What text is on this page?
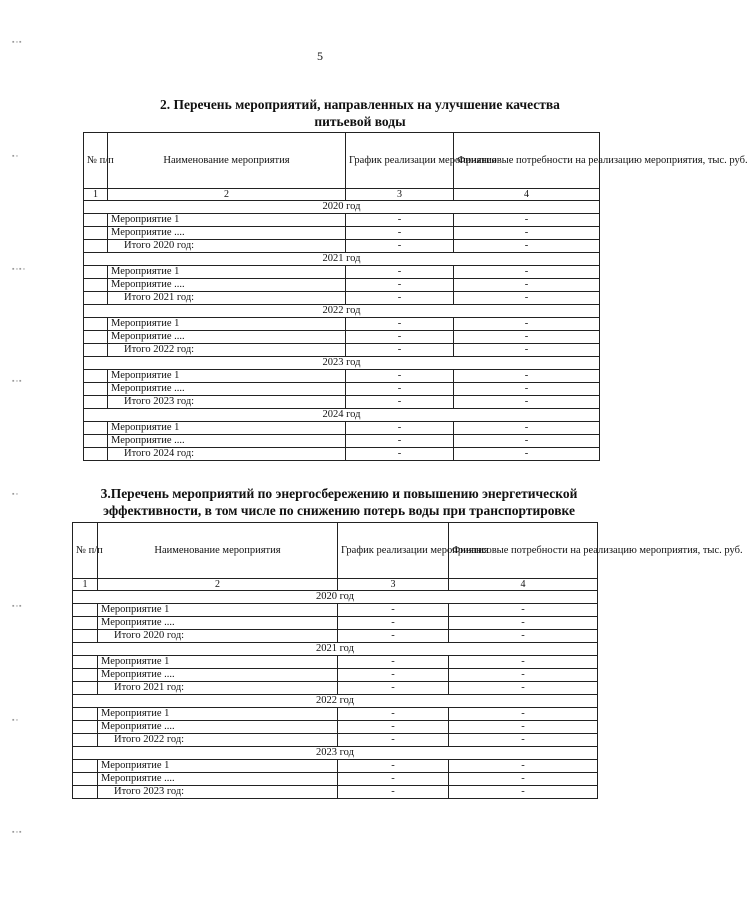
5
2. Перечень мероприятий, направленных на улучшение качества питьевой воды
№ п/п	Наименование мероприятия	График реализации мероприятия	Финансовые потребности на реализацию мероприятия, тыс. руб.
1	2	3	4
2020 год			
	Мероприятие 1	-	-
	Мероприятие ....	-	-
	Итого 2020 год:	-	-
2021 год			
	Мероприятие 1	-	-
	Мероприятие ....	-	-
	Итого 2021 год:	-	-
2022 год			
	Мероприятие 1	-	-
	Мероприятие ....	-	-
	Итого 2022 год:	-	-
2023 год			
	Мероприятие 1	-	-
	Мероприятие ....	-	-
	Итого 2023 год:	-	-
2024 год			
	Мероприятие 1	-	-
	Мероприятие ....	-	-
	Итого 2024 год:	-	-
3.Перечень мероприятий по энергосбережению и повышению энергетической эффективности, в том числе по снижению потерь воды при транспортировке
№ п/п	Наименование мероприятия	График реализации мероприятия	Финансовые потребности на реализацию мероприятия, тыс. руб.
1	2	3	4
2020 год			
	Мероприятие 1	-	-
	Мероприятие ....	-	-
	Итого 2020 год:	-	-
2021 год			
	Мероприятие 1	-	-
	Мероприятие ....	-	-
	Итого 2021 год:	-	-
2022 год			
	Мероприятие 1	-	-
	Мероприятие ....	-	-
	Итого 2022 год:	-	-
2023 год			
	Мероприятие 1	-	-
	Мероприятие ....	-	-
	Итого 2023 год:	-	-
▪▫▪
▪▫
▪▫▪▫
▪▫▪
▪▫
▪▫▪
▪▫
▪▫▪
